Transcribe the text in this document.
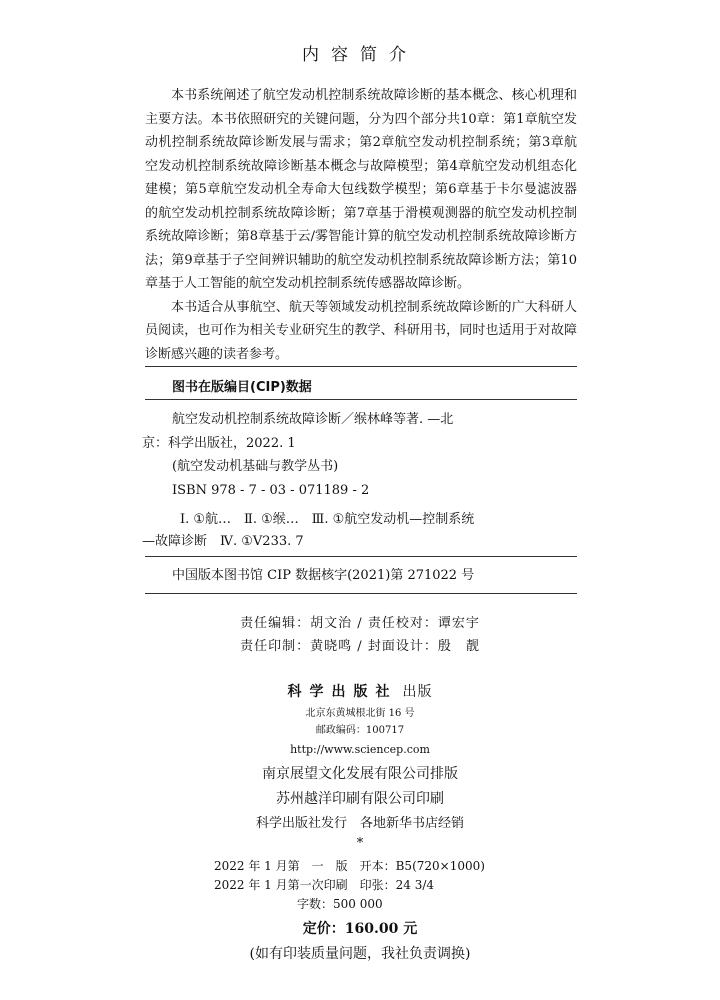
内容简介

本书系统阐述了航空发动机控制系统故障诊断的基本概念、核心机理和主要方法。本书依照研究的关键问题，分为四个部分共10章：第1章航空发动机控制系统故障诊断发展与需求；第2章航空发动机控制系统；第3章航空发动机控制系统故障诊断基本概念与故障模型；第4章航空发动机组态化建模；第5章航空发动机全寿命大包线数学模型；第6章基于卡尔曼滤波器的航空发动机控制系统故障诊断；第7章基于滑模观测器的航空发动机控制系统故障诊断；第8章基于云/雾智能计算的航空发动机控制系统故障诊断方法；第9章基于子空间辨识辅助的航空发动机控制系统故障诊断方法；第10章基于人工智能的航空发动机控制系统传感器故障诊断。

本书适合从事航空、航天等领域发动机控制系统故障诊断的广大科研人员阅读，也可作为相关专业研究生的教学、科研用书，同时也适用于对故障诊断感兴趣的读者参考。

图书在版编目(CIP)数据

航空发动机控制系统故障诊断／缑林峰等著. —北

京：科学出版社，2022. 1

(航空发动机基础与教学丛书)

ISBN 978 - 7 - 03 - 071189 - 2

Ⅰ. ①航…　Ⅱ. ①缑…　Ⅲ. ①航空发动机—控制系统

—故障诊断　Ⅳ. ①V233. 7

中国版本图书馆 CIP 数据核字(2021)第 271022 号

责任编辑：胡文治 / 责任校对：谭宏宇

责任印制：黄晓鸣 / 封面设计：殷　靓

科学出版社 出版

北京东黄城根北街 16 号

邮政编码：100717

http://www.sciencep.com

南京展望文化发展有限公司排版

苏州越洋印刷有限公司印刷

科学出版社发行　各地新华书店经销

*

2022 年 1 月第　一　版　开本：B5(720×1000)

2022 年 1 月第一次印刷　印张：24 3/4

字数：500 000

定价：160.00 元
(如有印装质量问题，我社负责调换)
